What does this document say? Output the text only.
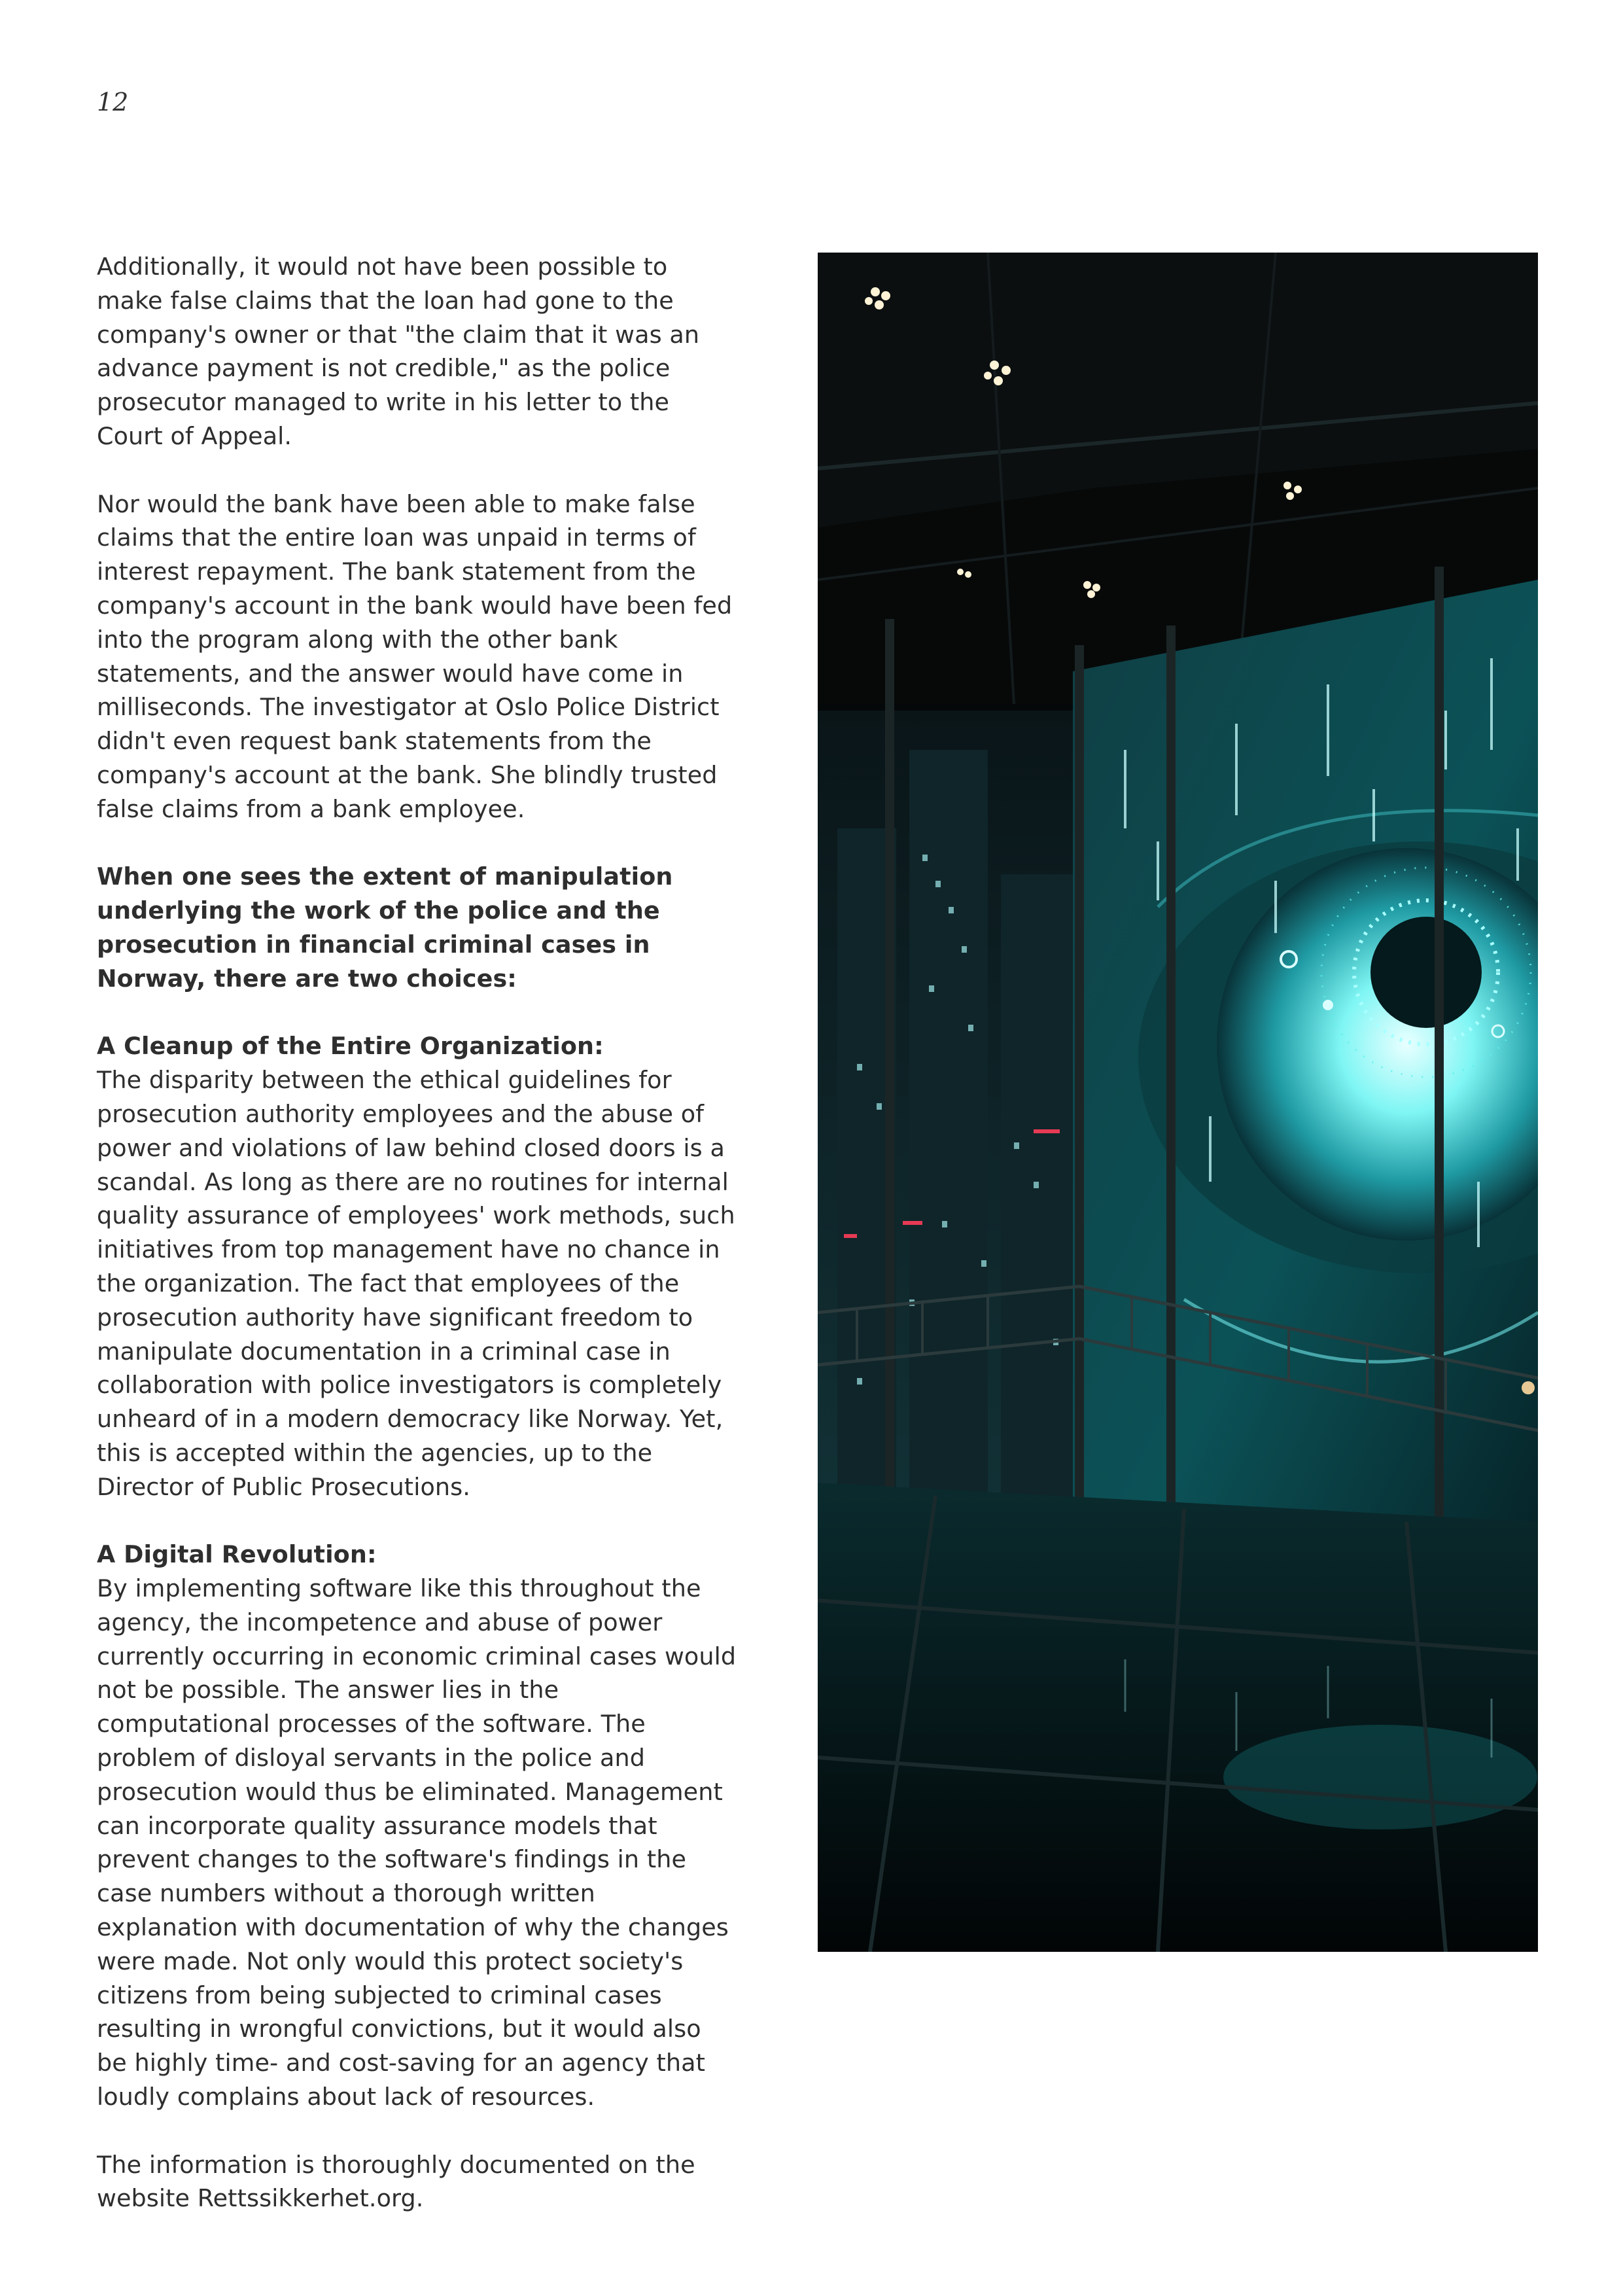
12

Additionally, it would not have been possible to make false claims that the loan had gone to the company's owner or that "the claim that it was an advance payment is not credible," as the police prosecutor managed to write in his letter to the Court of Appeal.

Nor would the bank have been able to make false claims that the entire loan was unpaid in terms of interest repayment. The bank statement from the company's account in the bank would have been fed into the program along with the other bank statements, and the answer would have come in milliseconds. The investigator at Oslo Police District didn't even request bank statements from the company's account at the bank. She blindly trusted false claims from a bank employee.

When one sees the extent of manipulation underlying the work of the police and the prosecution in financial criminal cases in Norway, there are two choices:

A Cleanup of the Entire Organization:

The disparity between the ethical guidelines for prosecution authority employees and the abuse of power and violations of law behind closed doors is a scandal. As long as there are no routines for internal quality assurance of employees' work methods, such initiatives from top management have no chance in the organization. The fact that employees of the prosecution authority have significant freedom to manipulate documentation in a criminal case in collaboration with police investigators is completely unheard of in a modern democracy like Norway. Yet, this is accepted within the agencies, up to the Director of Public Prosecutions.

A Digital Revolution:

By implementing software like this throughout the agency, the incompetence and abuse of power currently occurring in economic criminal cases would not be possible. The answer lies in the computational processes of the software. The problem of disloyal servants in the police and prosecution would thus be eliminated. Management can incorporate quality assurance models that prevent changes to the software's findings in the case numbers without a thorough written explanation with documentation of why the changes were made. Not only would this protect society's citizens from being subjected to criminal cases resulting in wrongful convictions, but it would also be highly time- and cost-saving for an agency that loudly complains about lack of resources.

The information is thoroughly documented on the website Rettssikkerhet.org.
